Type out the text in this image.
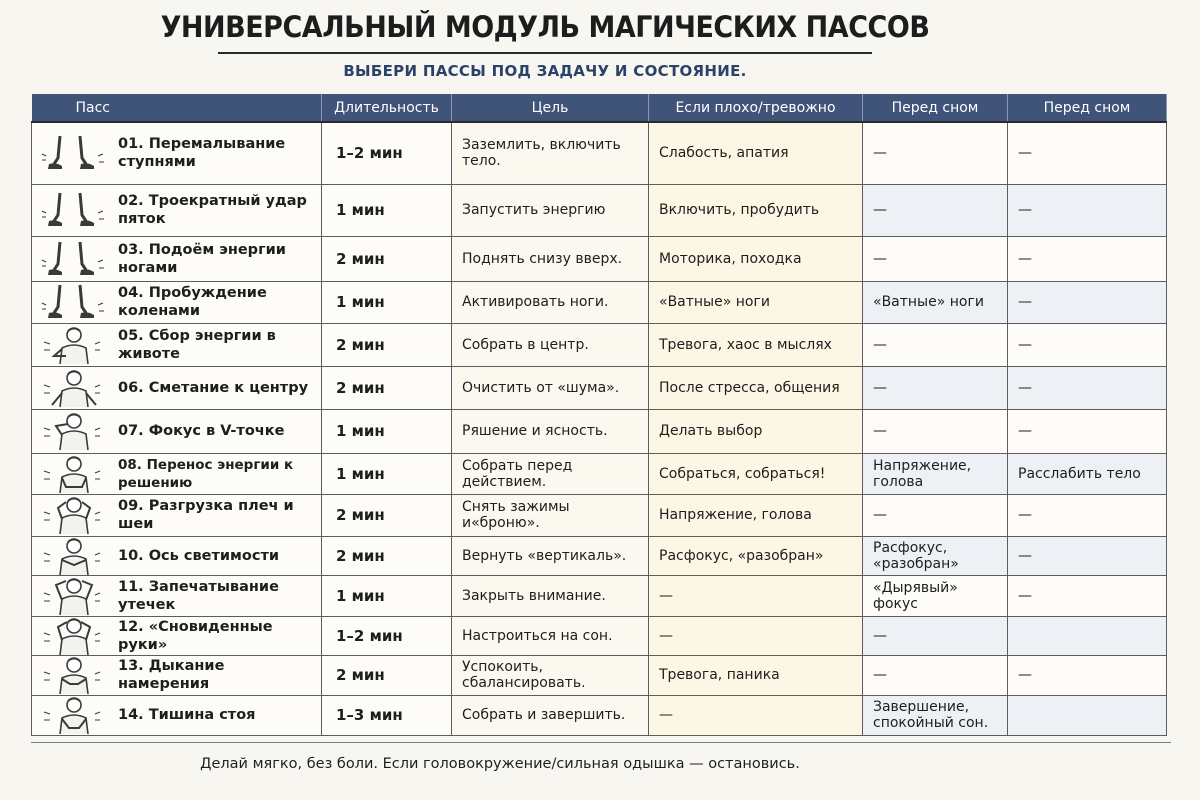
УНИВЕРСАЛЬНЫЙ МОДУЛЬ МАГИЧЕСКИХ ПАССОВ
ВЫБЕРИ ПАССЫ ПОД ЗАДАЧУ И СОСТОЯНИЕ.
Пасс	Длительность	Цель	Если плохо/тревожно	Перед сном	Перед сном

01. Перемалывание ступнями	1–2 мин	Заземлить, включить тело.	Слабость, апатия	—	—

02. Троекратный удар пяток	1 мин	Запустить энергию	Включить, пробудить	—	—

03. Подоём энергии ногами	2 мин	Поднять снизу вверх.	Моторика, походка	—	—

04. Пробуждение коленами	1 мин	Активировать ноги.	«Ватные» ноги	«Ватные» ноги	—

05. Сбор энергии в животе	2 мин	Собрать в центр.	Тревога, хаос в мыслях	—	—

06. Сметание к центру	2 мин	Очистить от «шума».	После стресса, общения	—	—

07. Фокус в V-точке	1 мин	Ряшение и ясность.	Делать выбор	—	—

08. Перенос энергии к решению	1 мин	Собрать перед действием.	Собраться, собраться!	Напряжение, голова	Расслабить тело

09. Разгрузка плеч и шеи	2 мин	Снять зажимы и«броню».	Напряжение, голова	—	—

10. Ось светимости	2 мин	Вернуть «вертикаль».	Расфокус, «разобран»	Расфокус, «разобран»	—

11. Запечатывание утечек	1 мин	Закрыть внимание.	—	«Дырявый» фокус	—

12. «Сновиденные руки»	1–2 мин	Настроиться на сон.	—	—	

13. Дыкание намерения	2 мин	Успокоить, сбалансировать.	Тревога, паника	—	—

14. Тишина стоя	1–3 мин	Собрать и завершить.	—	Завершение, спокойный сон.	
Делай мягко, без боли. Если головокружение/сильная одышка — остановись.
